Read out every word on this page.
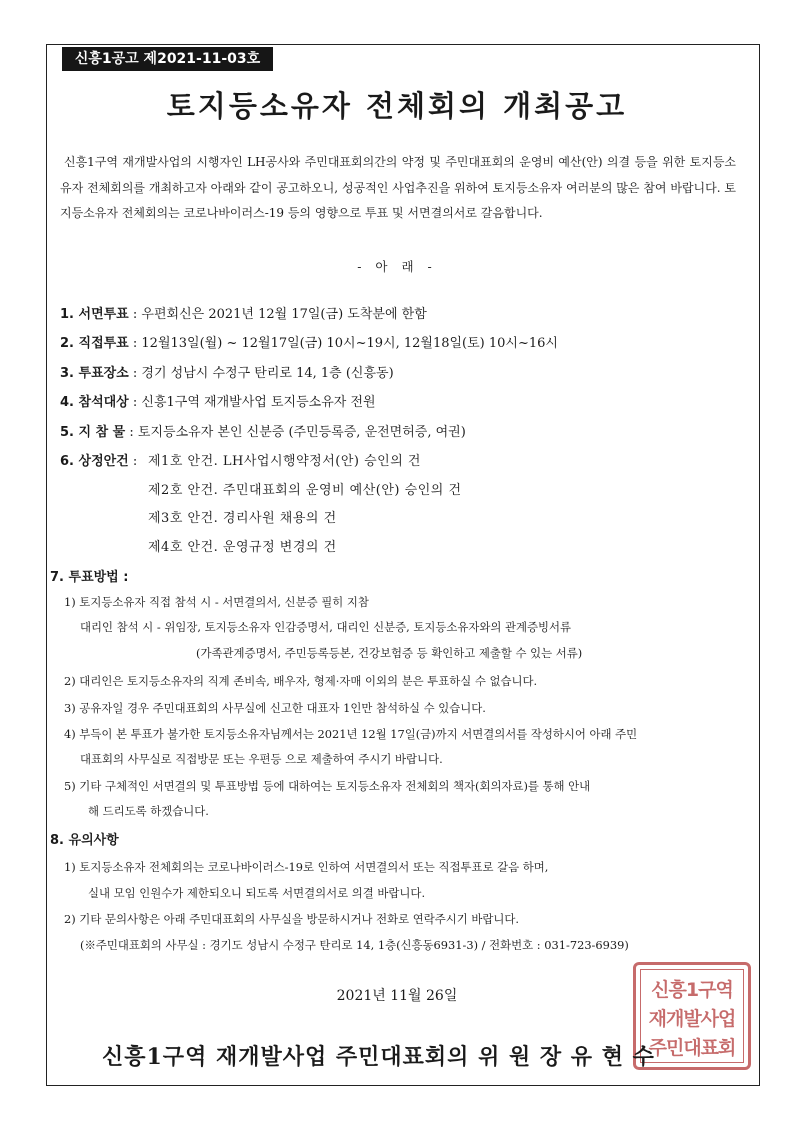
신흥1공고 제2021-11-03호
토지등소유자 전체회의 개최공고
신흥1구역 재개발사업의 시행자인 LH공사와 주민대표회의간의 약정 및 주민대표회의 운영비 예산(안) 의결 등을 위한 토지등소유자 전체회의를 개최하고자 아래와 같이 공고하오니, 성공적인 사업추진을 위하여 토지등소유자 여러분의 많은 참여 바랍니다. 토지등소유자 전체회의는 코로나바이러스-19 등의 영향으로 투표 및 서면결의서로 갈음합니다.
- 아 래 -
1. 서면투표 : 우편회신은 2021년 12월 17일(금) 도착분에 한함
2. 직접투표 : 12월13일(월) ~ 12월17일(금) 10시~19시, 12월18일(토) 10시~16시
3. 투표장소 : 경기 성남시 수정구 탄리로 14, 1층 (신흥동)
4. 참석대상 : 신흥1구역 재개발사업 토지등소유자 전원
5. 지 참 물 : 토지등소유자 본인 신분증 (주민등록증, 운전면허증, 여권)
6. 상정안건 : 제1호 안건. LH사업시행약정서(안) 승인의 건
제2호 안건. 주민대표회의 운영비 예산(안) 승인의 건
제3호 안건. 경리사원 채용의 건
제4호 안건. 운영규정 변경의 건
7. 투표방법 :
1) 토지등소유자 직접 참석 시 - 서면결의서, 신분증 필히 지참
대리인 참석 시 - 위임장, 토지등소유자 인감증명서, 대리인 신분증, 토지등소유자와의 관계증빙서류
(가족관계증명서, 주민등록등본, 건강보험증 등 확인하고 제출할 수 있는 서류)
2) 대리인은 토지등소유자의 직계 존비속, 배우자, 형제·자매 이외의 분은 투표하실 수 없습니다.
3) 공유자일 경우 주민대표회의 사무실에 신고한 대표자 1인만 참석하실 수 있습니다.
4) 부득이 본 투표가 불가한 토지등소유자님께서는 2021년 12월 17일(금)까지 서면결의서를 작성하시어 아래 주민
대표회의 사무실로 직접방문 또는 우편등 으로 제출하여 주시기 바랍니다.
5) 기타 구체적인 서면결의 및 투표방법 등에 대하여는 토지등소유자 전체회의 책자(회의자료)를 통해 안내
해 드리도록 하겠습니다.
8. 유의사항
1) 토지등소유자 전체회의는 코로나바이러스-19로 인하여 서면결의서 또는 직접투표로 갈음 하며,
실내 모임 인원수가 제한되오니 되도록 서면결의서로 의결 바랍니다.
2) 기타 문의사항은 아래 주민대표회의 사무실을 방문하시거나 전화로 연락주시기 바랍니다.
(※주민대표회의 사무실 : 경기도 성남시 수정구 탄리로 14, 1층(신흥동6931-3) / 전화번호 : 031-723-6939)
2021년 11월 26일	신흥1구역
재개발사업
주민대표회
신흥1구역 재개발사업 주민대표회의 위 원 장 유 현 수
